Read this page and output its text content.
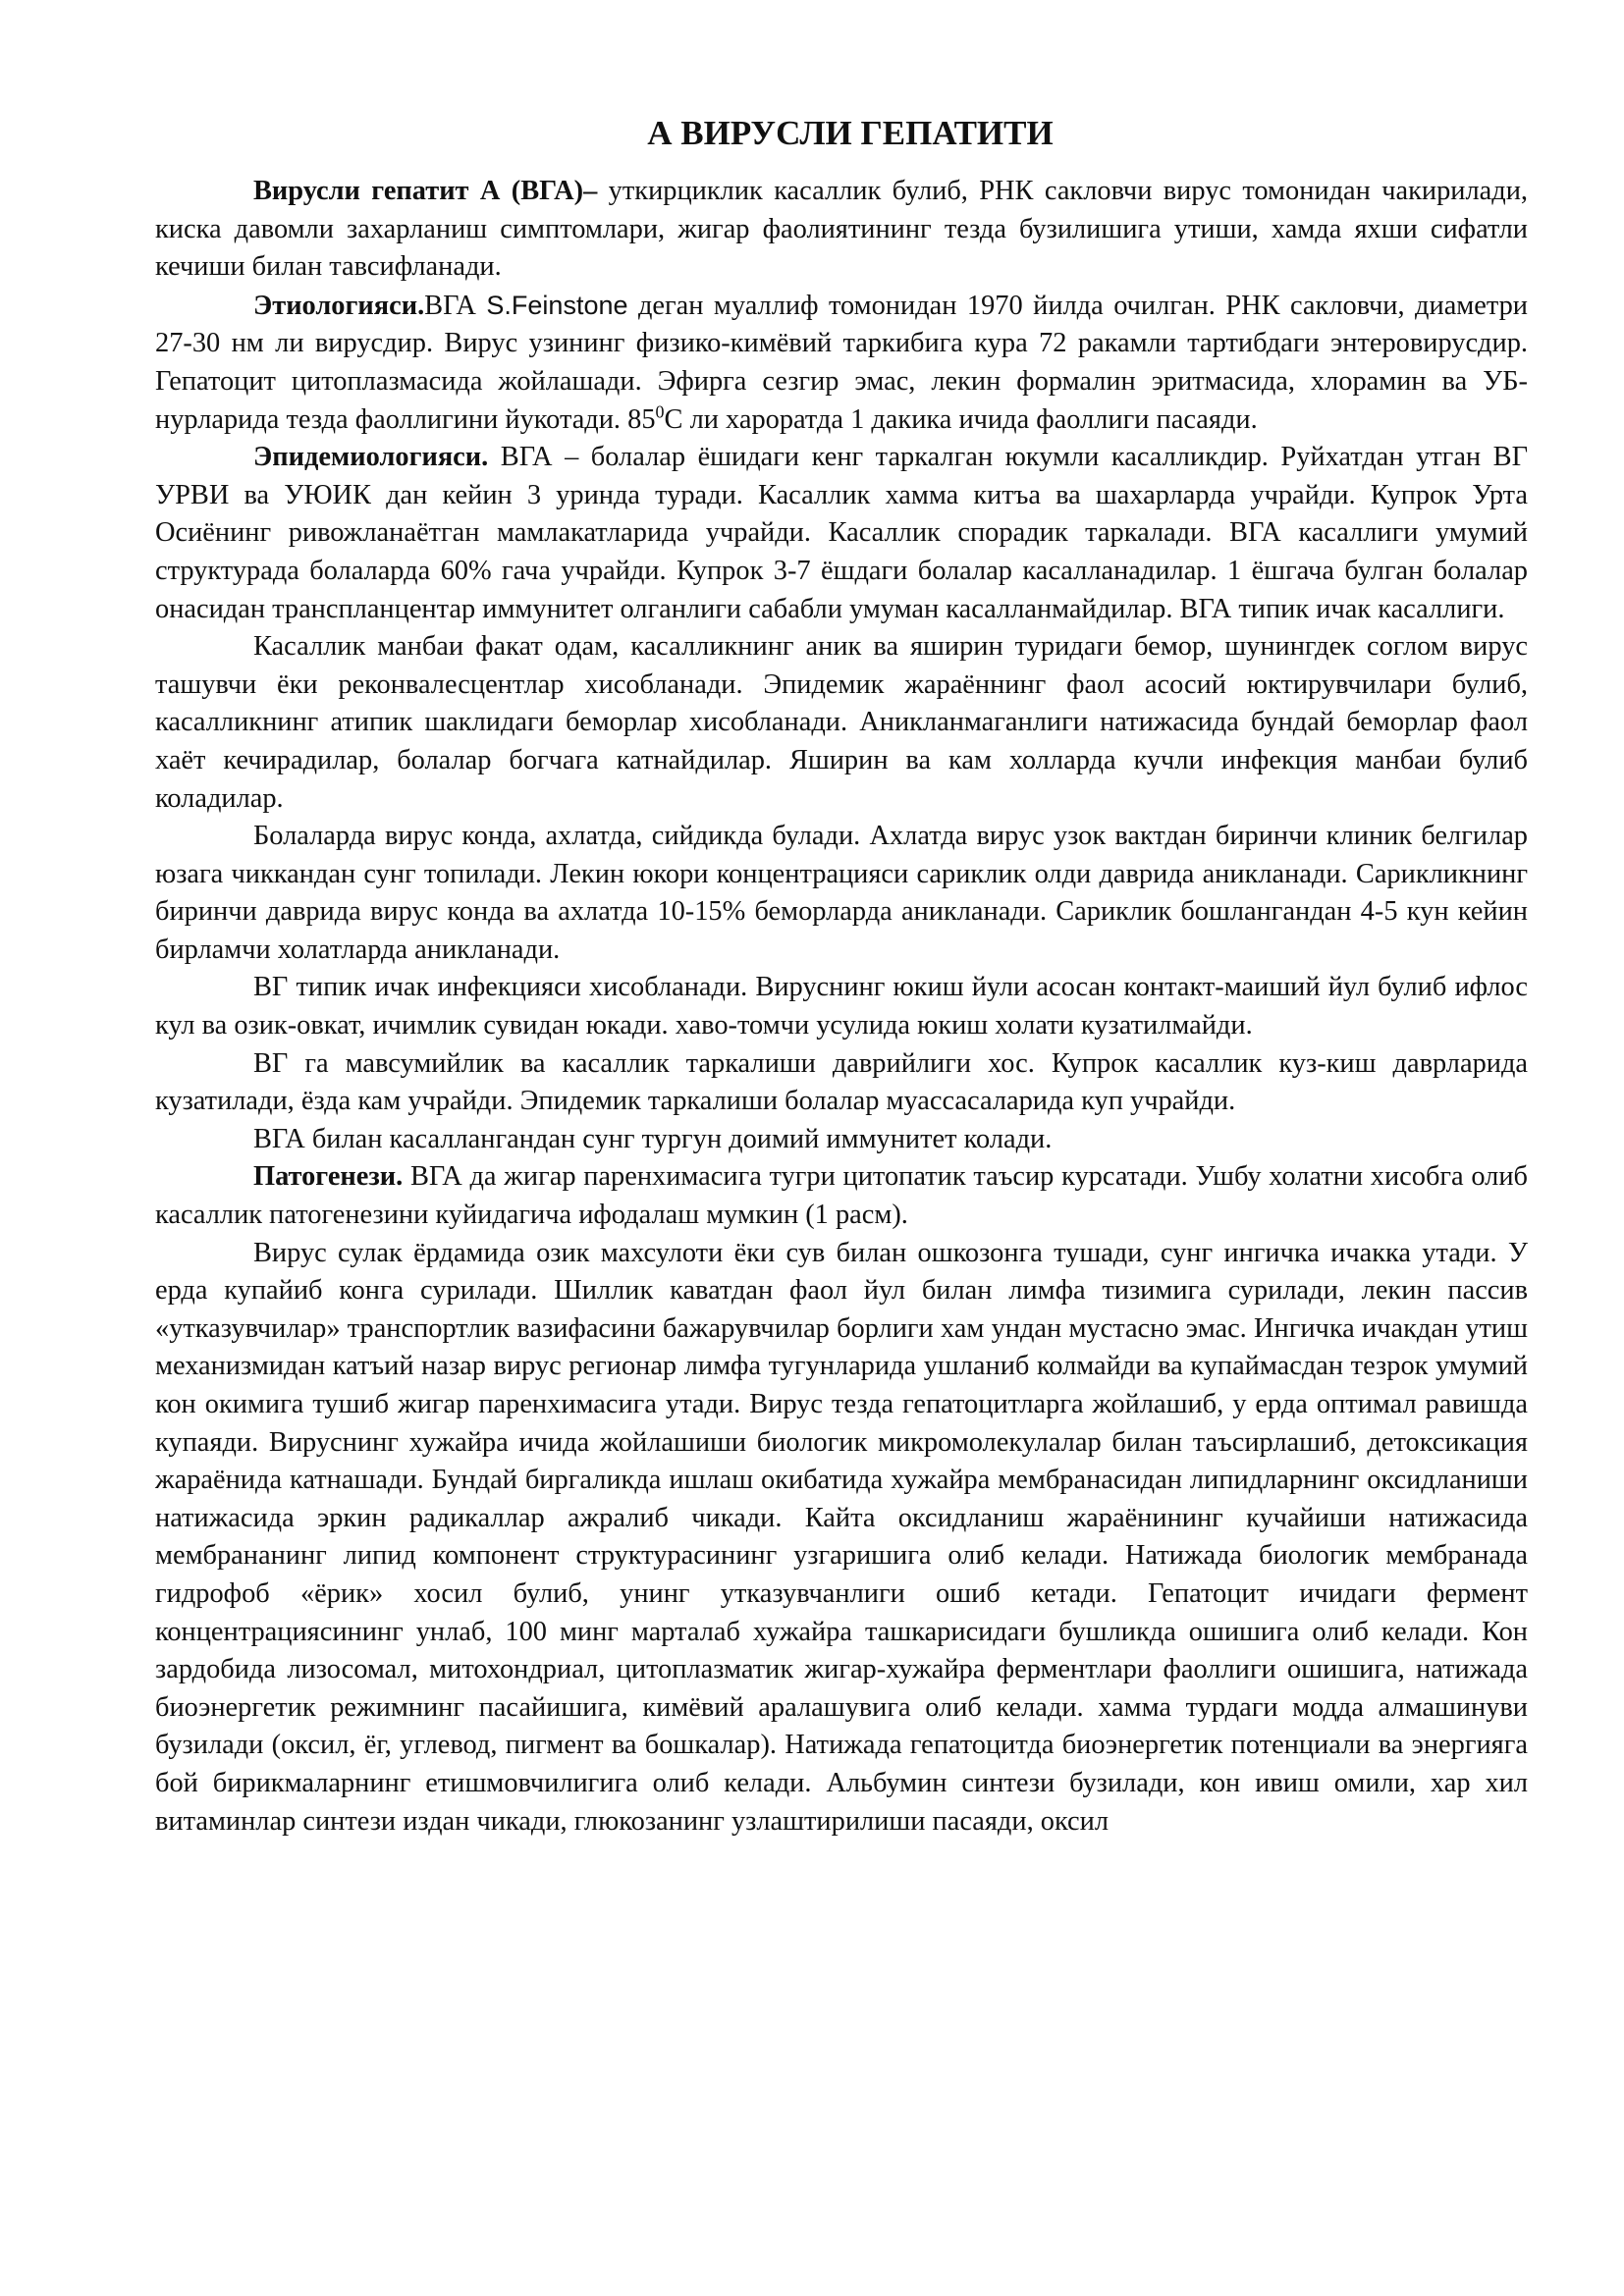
А ВИРУСЛИ ГЕПАТИТИ

Вирусли гепатит А (ВГА)– уткирциклик касаллик булиб, РНК сакловчи вирус томонидан чакирилади, киска давомли захарланиш симптомлари, жигар фаолиятининг тезда бузилишига утиши, хамда яхши сифатли кечиши билан тавсифланади.

Этиологияси.ВГА S.Feinstone деган муаллиф томонидан 1970 йилда очилган. РНК сакловчи, диаметри 27-30 нм ли вирусдир. Вирус узининг физико-кимёвий таркибига кура 72 ракамли тартибдаги энтеровирусдир. Гепатоцит цитоплазмасида жойлашади. Эфирга сезгир эмас, лекин формалин эритмасида, хлорамин ва УБ-нурларида тезда фаоллигини йукотади. $85^0С$ ли хароратда 1 дакика ичида фаоллиги пасаяди.

Эпидемиологияси. ВГА – болалар ёшидаги кенг таркалган юкумли касалликдир. Руйхатдан утган ВГ УРВИ ва УЮИК дан кейин 3 уринда туради. Касаллик хамма китъа ва шахарларда учрайди. Купрок Урта Осиёнинг ривожланаётган мамлакатларида учрайди. Касаллик спорадик таркалади. ВГА касаллиги умумий структурада болаларда 60% гача учрайди. Купрок 3-7 ёшдаги болалар касалланадилар. 1 ёшгача булган болалар онасидан транспланцентар иммунитет олганлиги сабабли умуман касалланмайдилар. ВГА типик ичак касаллиги.

Касаллик манбаи факат одам, касалликнинг аник ва яширин туридаги бемор, шунингдек соглом вирус ташувчи ёки реконвалесцентлар хисобланади. Эпидемик жараённинг фаол асосий юктирувчилари булиб, касалликнинг атипик шаклидаги беморлар хисобланади. Аникланмаганлиги натижасида бундай беморлар фаол хаёт кечирадилар, болалар богчага катнайдилар. Яширин ва кам холларда кучли инфекция манбаи булиб коладилар.

Болаларда вирус конда, ахлатда, сийдикда булади. Ахлатда вирус узок вактдан биринчи клиник белгилар юзага чиккандан сунг топилади. Лекин юкори концентрацияси сариклик олди даврида аникланади. Сарикликнинг биринчи даврида вирус конда ва ахлатда 10-15% беморларда аникланади. Сариклик бошлангандан 4-5 кун кейин бирламчи холатларда аникланади.

ВГ типик ичак инфекцияси хисобланади. Вируснинг юкиш йули асосан контакт-маиший йул булиб ифлос кул ва озик-овкат, ичимлик сувидан юкади. хаво-томчи усулида юкиш холати кузатилмайди.

ВГ га мавсумийлик ва касаллик таркалиши даврийлиги хос. Купрок касаллик куз-киш даврларида кузатилади, ёзда кам учрайди. Эпидемик таркалиши болалар муассасаларида куп учрайди.

ВГА билан касаллангандан сунг тургун доимий иммунитет колади.

Патогенези. ВГА да жигар паренхимасига тугри цитопатик таъсир курсатади. Ушбу холатни хисобга олиб касаллик патогенезини куйидагича ифодалаш мумкин (1 расм).

Вирус сулак ёрдамида озик махсулоти ёки сув билан ошкозонга тушади, сунг ингичка ичакка утади. У ерда купайиб конга сурилади. Шиллик каватдан фаол йул билан лимфа тизимига сурилади, лекин пассив «утказувчилар» транспортлик вазифасини бажарувчилар борлиги хам ундан мустасно эмас. Ингичка ичакдан утиш механизмидан катъий назар вирус регионар лимфа тугунларида ушланиб колмайди ва купаймасдан тезрок умумий кон окимига тушиб жигар паренхимасига утади. Вирус тезда гепатоцитларга жойлашиб, у ерда оптимал равишда купаяди. Вируснинг хужайра ичида жойлашиши биологик микромолекулалар билан таъсирлашиб, детоксикация жараёнида катнашади. Бундай биргаликда ишлаш окибатида хужайра мембранасидан липидларнинг оксидланиши натижасида эркин радикаллар ажралиб чикади. Кайта оксидланиш жараёнининг кучайиши натижасида мембрананинг липид компонент структурасининг узгаришига олиб келади. Натижада биологик мембранада гидрофоб «ёрик» хосил булиб, унинг утказувчанлиги ошиб кетади. Гепатоцит ичидаги фермент концентрациясининг унлаб, 100 минг марталаб хужайра ташкарисидаги бушликда ошишига олиб келади. Кон зардобида лизосомал, митохондриал, цитоплазматик жигар-хужайра ферментлари фаоллиги ошишига, натижада биоэнергетик режимнинг пасайишига, кимёвий аралашувига олиб келади. хамма турдаги модда алмашинуви бузилади (оксил, ёг, углевод, пигмент ва бошкалар). Натижада гепатоцитда биоэнергетик потенциали ва энергияга бой бирикмаларнинг етишмовчилигига олиб келади. Альбумин синтези бузилади, кон ивиш омили, хар хил витаминлар синтези издан чикади, глюкозанинг узлаштирилиши пасаяди, оксил
